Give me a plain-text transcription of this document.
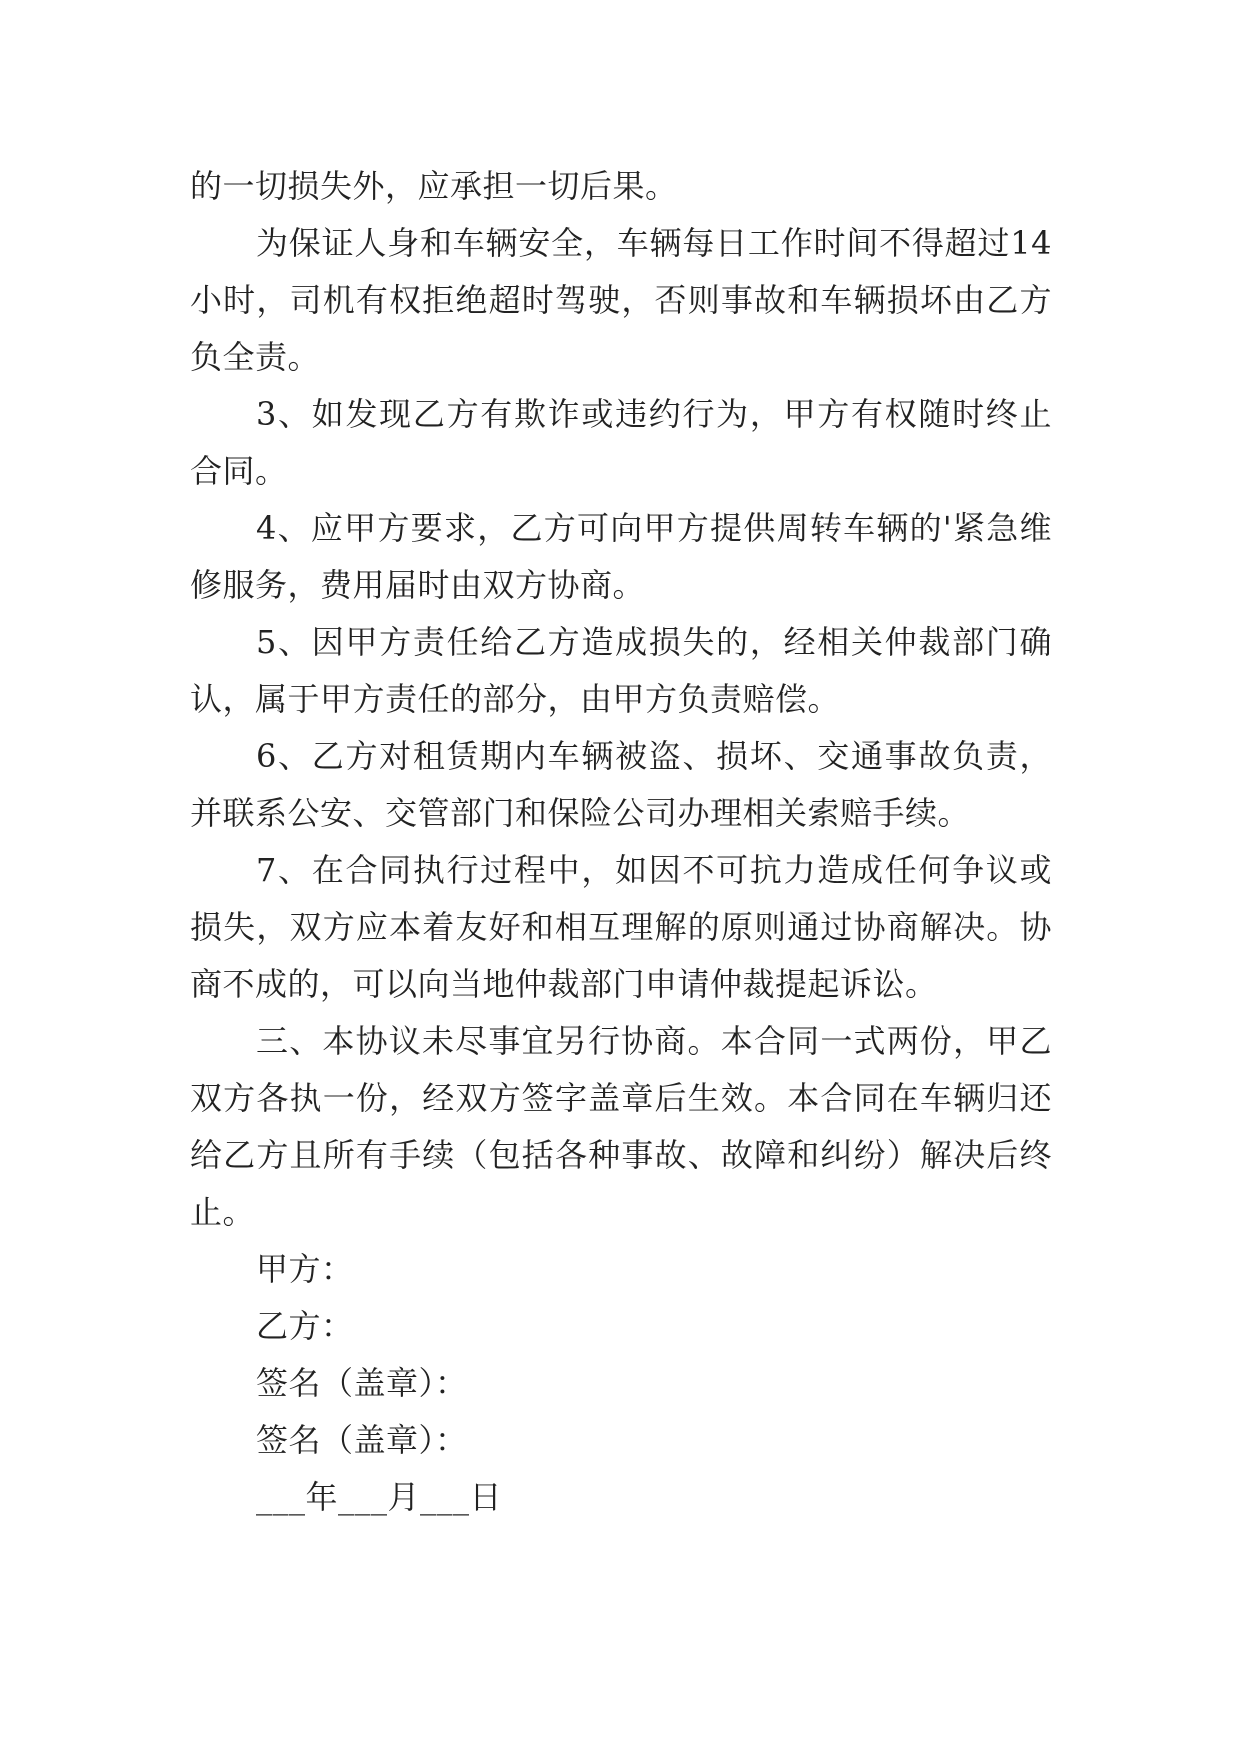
的一切损失外，应承担一切后果。

为保证人身和车辆安全，车辆每日工作时间不得超过14小时，司机有权拒绝超时驾驶，否则事故和车辆损坏由乙方负全责。

3、如发现乙方有欺诈或违约行为，甲方有权随时终止合同。

4、应甲方要求，乙方可向甲方提供周转车辆的'紧急维修服务，费用届时由双方协商。

5、因甲方责任给乙方造成损失的，经相关仲裁部门确认，属于甲方责任的部分，由甲方负责赔偿。

6、乙方对租赁期内车辆被盗、损坏、交通事故负责，并联系公安、交管部门和保险公司办理相关索赔手续。

7、在合同执行过程中，如因不可抗力造成任何争议或损失，双方应本着友好和相互理解的原则通过协商解决。协商不成的，可以向当地仲裁部门申请仲裁提起诉讼。

三、本协议未尽事宜另行协商。本合同一式两份，甲乙双方各执一份，经双方签字盖章后生效。本合同在车辆归还给乙方且所有手续（包括各种事故、故障和纠纷）解决后终止。

甲方：

乙方：

签名（盖章）：

签名（盖章）：

___年___月___日
